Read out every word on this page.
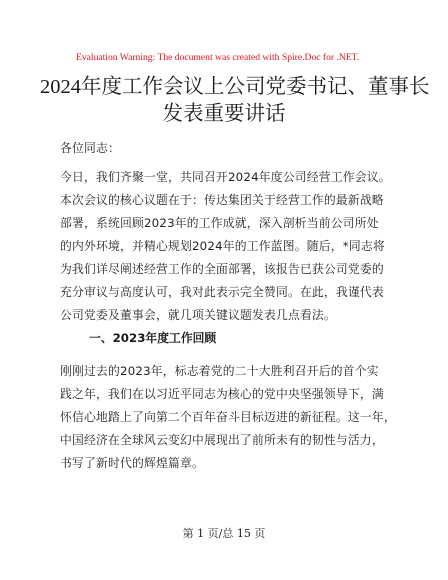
Evaluation Warning: The document was created with Spire.Doc for .NET.
2024年度工作会议上公司党委书记、董事长
发表重要讲话
各位同志：
今日，我们齐聚一堂，共同召开2024年度公司经营工作会议。
本次会议的核心议题在于：传达集团关于经营工作的最新战略
部署，系统回顾2023年的工作成就，深入剖析当前公司所处
的内外环境，并精心规划2024年的工作蓝图。随后，*同志将
为我们详尽阐述经营工作的全面部署，该报告已获公司党委的
充分审议与高度认可，我对此表示完全赞同。在此，我谨代表
公司党委及董事会，就几项关键议题发表几点看法。
一、2023年度工作回顾
刚刚过去的2023年，标志着党的二十大胜利召开后的首个实
践之年，我们在以习近平同志为核心的党中央坚强领导下，满
怀信心地踏上了向第二个百年奋斗目标迈进的新征程。这一年，
中国经济在全球风云变幻中展现出了前所未有的韧性与活力，
书写了新时代的辉煌篇章。
第 1 页/总 15 页
